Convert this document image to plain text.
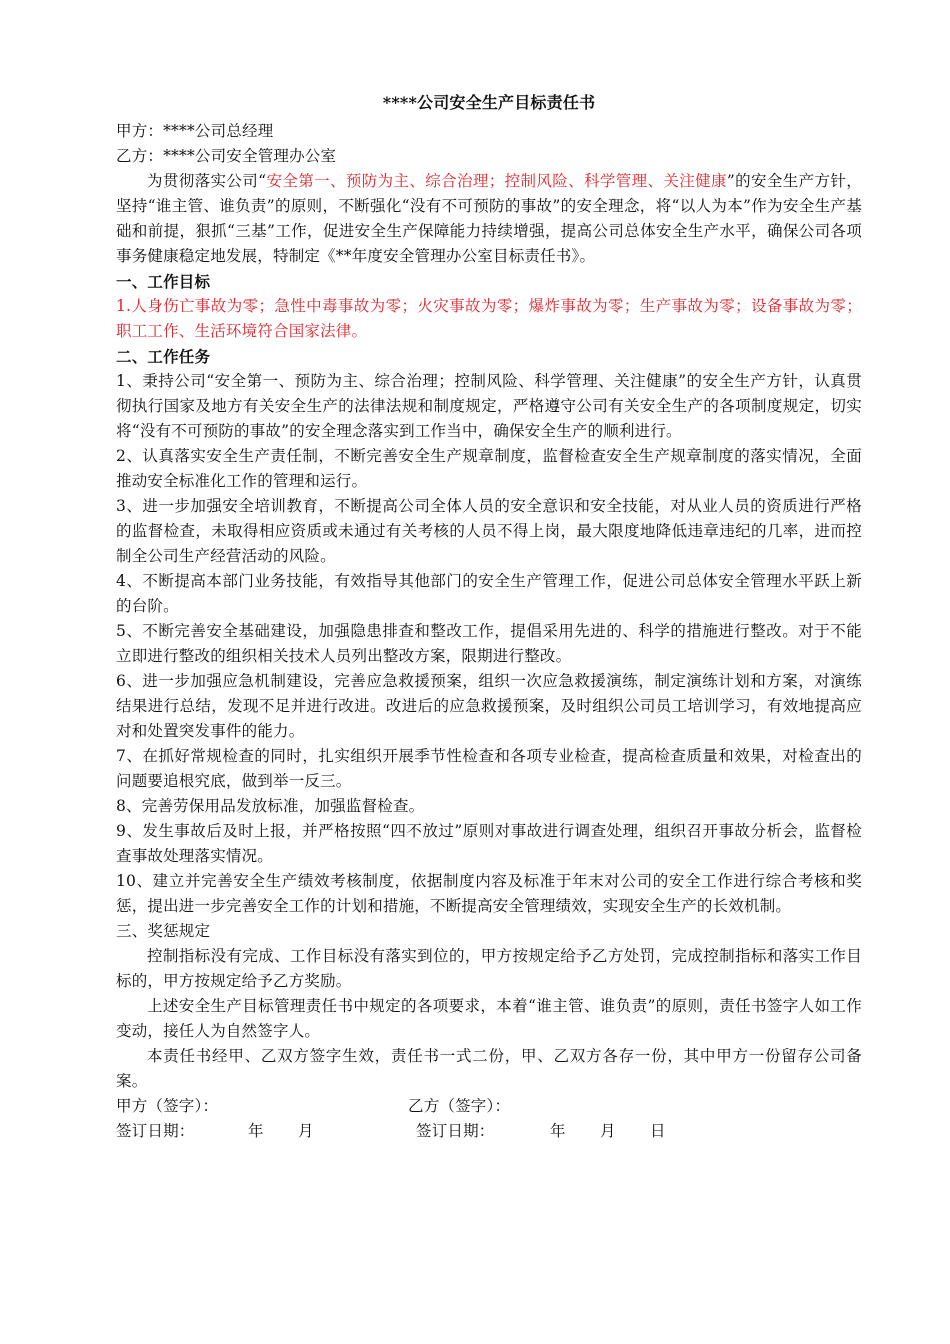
****公司安全生产目标责任书

甲方：****公司总经理

乙方：****公司安全管理办公室

为贯彻落实公司“安全第一、预防为主、综合治理；控制风险、科学管理、关注健康”的安全生产方针，坚持“谁主管、谁负责”的原则，不断强化“没有不可预防的事故”的安全理念，将“以人为本”作为安全生产基础和前提，狠抓“三基”工作，促进安全生产保障能力持续增强，提高公司总体安全生产水平，确保公司各项事务健康稳定地发展，特制定《**年度安全管理办公室目标责任书》。

一、工作目标

1.人身伤亡事故为零；急性中毒事故为零；火灾事故为零；爆炸事故为零；生产事故为零；设备事故为零；职工工作、生活环境符合国家法律。

二、工作任务

1、秉持公司“安全第一、预防为主、综合治理；控制风险、科学管理、关注健康”的安全生产方针，认真贯彻执行国家及地方有关安全生产的法律法规和制度规定，严格遵守公司有关安全生产的各项制度规定，切实将“没有不可预防的事故”的安全理念落实到工作当中，确保安全生产的顺利进行。

2、认真落实安全生产责任制，不断完善安全生产规章制度，监督检查安全生产规章制度的落实情况，全面推动安全标准化工作的管理和运行。

3、进一步加强安全培训教育，不断提高公司全体人员的安全意识和安全技能，对从业人员的资质进行严格的监督检查，未取得相应资质或未通过有关考核的人员不得上岗，最大限度地降低违章违纪的几率，进而控制全公司生产经营活动的风险。

4、不断提高本部门业务技能，有效指导其他部门的安全生产管理工作，促进公司总体安全管理水平跃上新的台阶。

5、不断完善安全基础建设，加强隐患排查和整改工作，提倡采用先进的、科学的措施进行整改。对于不能立即进行整改的组织相关技术人员列出整改方案，限期进行整改。

6、进一步加强应急机制建设，完善应急救援预案，组织一次应急救援演练，制定演练计划和方案，对演练结果进行总结，发现不足并进行改进。改进后的应急救援预案，及时组织公司员工培训学习，有效地提高应对和处置突发事件的能力。

7、在抓好常规检查的同时，扎实组织开展季节性检查和各项专业检查，提高检查质量和效果，对检查出的问题要追根究底，做到举一反三。

8、完善劳保用品发放标准，加强监督检查。

9、发生事故后及时上报，并严格按照“四不放过”原则对事故进行调查处理，组织召开事故分析会，监督检查事故处理落实情况。

10、建立并完善安全生产绩效考核制度，依据制度内容及标准于年末对公司的安全工作进行综合考核和奖惩，提出进一步完善安全工作的计划和措施，不断提高安全管理绩效，实现安全生产的长效机制。

三、奖惩规定

控制指标没有完成、工作目标没有落实到位的，甲方按规定给予乙方处罚，完成控制指标和落实工作目标的，甲方按规定给予乙方奖励。

上述安全生产目标管理责任书中规定的各项要求，本着“谁主管、谁负责”的原则，责任书签字人如工作变动，接任人为自然签字人。

本责任书经甲、乙双方签字生效，责任书一式二份，甲、乙双方各存一份，其中甲方一份留存公司备案。

甲方（签字）：	乙方（签字）：
签订日期：	年 月	签订日期：	年 月 日
